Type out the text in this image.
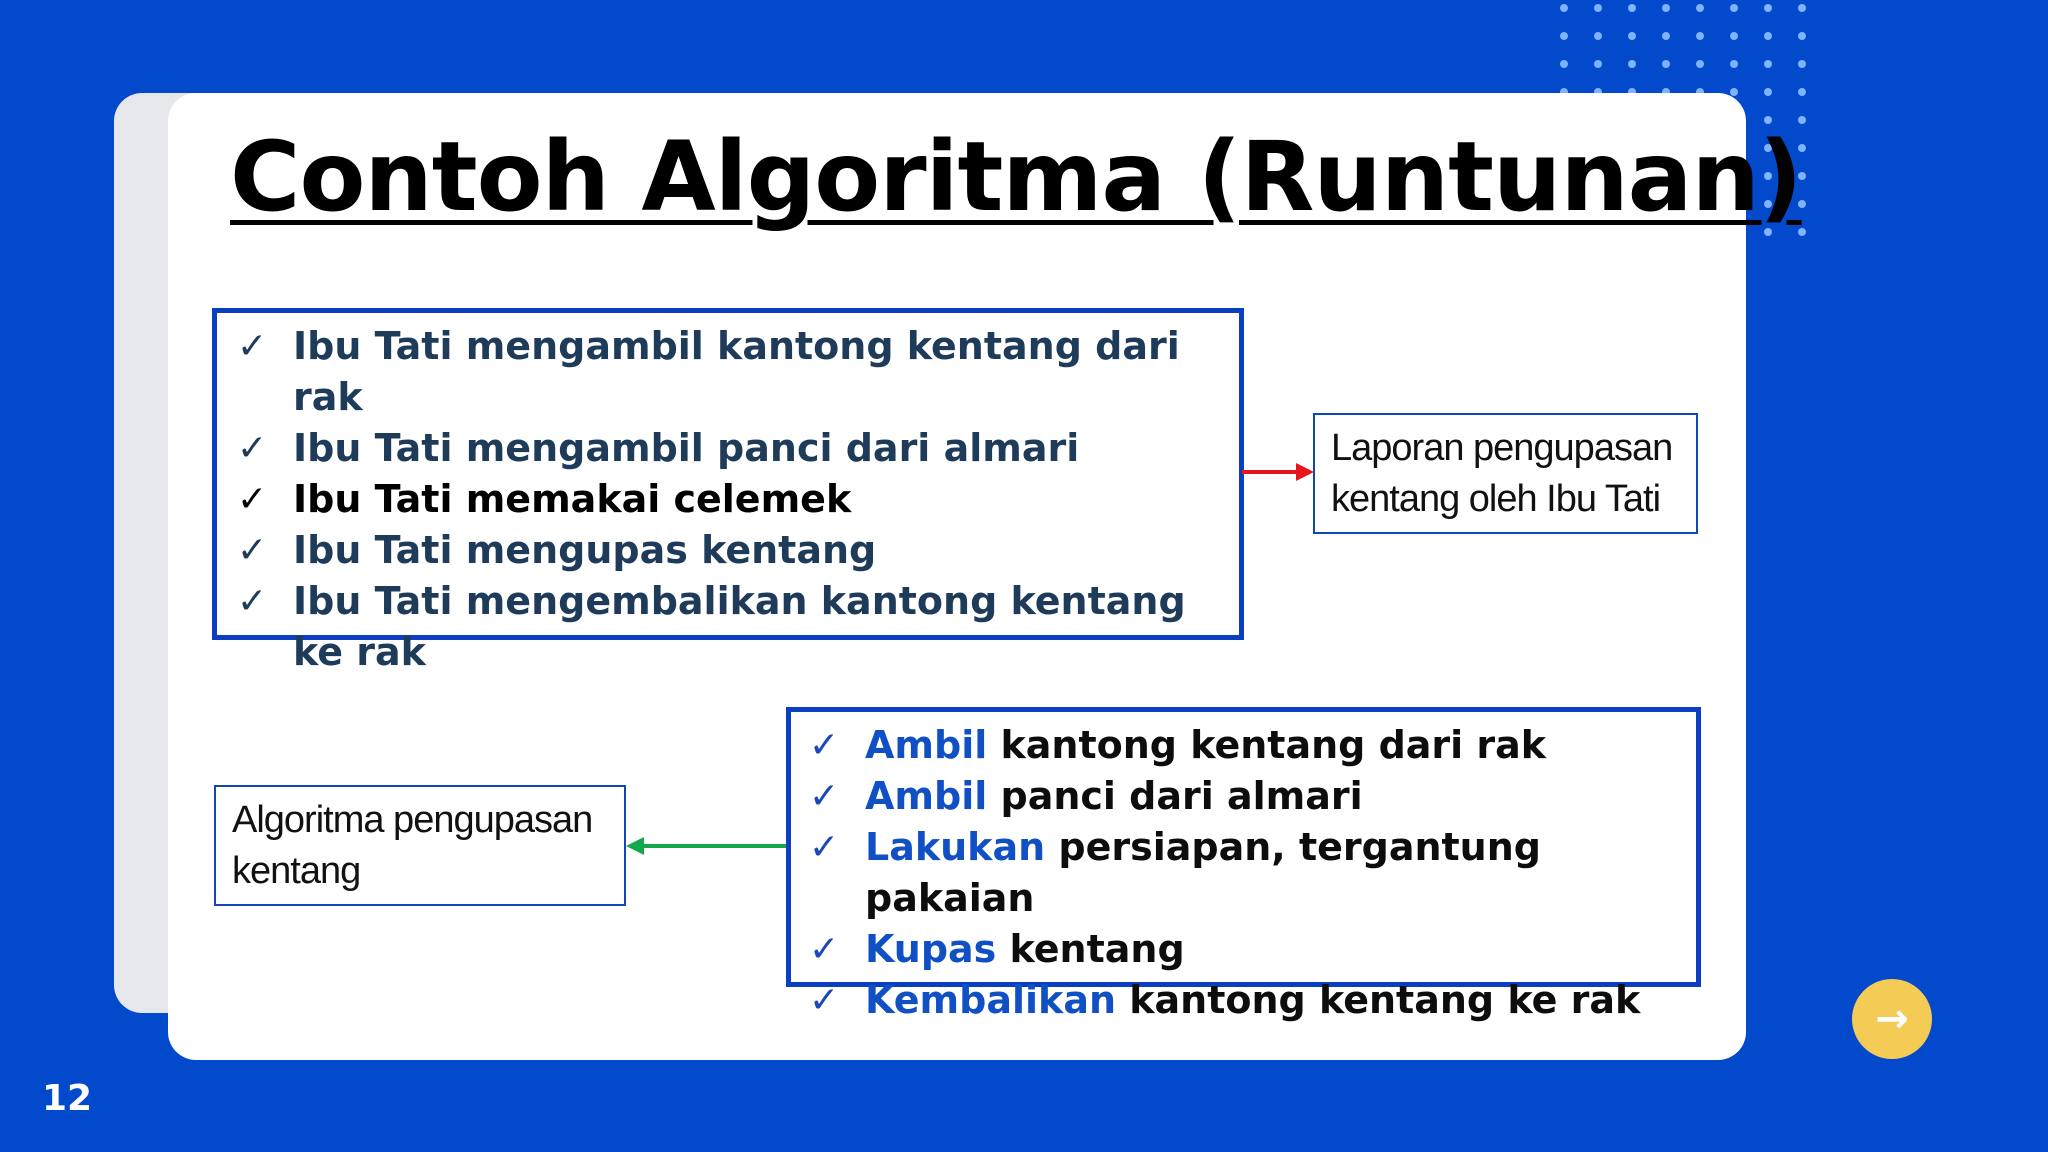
Contoh Algoritma (Runtunan)
✓ Ibu Tati mengambil kantong kentang dari rak
✓ Ibu Tati mengambil panci dari almari
✓ Ibu Tati memakai celemek
✓ Ibu Tati mengupas kentang
✓ Ibu Tati mengembalikan kantong kentang ke rak
Laporan pengupasan kentang oleh Ibu Tati
Algoritma pengupasan kentang
✓ Ambil kantong kentang dari rak
✓ Ambil panci dari almari
✓ Lakukan persiapan, tergantung pakaian
✓ Kupas kentang
✓ Kembalikan kantong kentang ke rak	→
12
